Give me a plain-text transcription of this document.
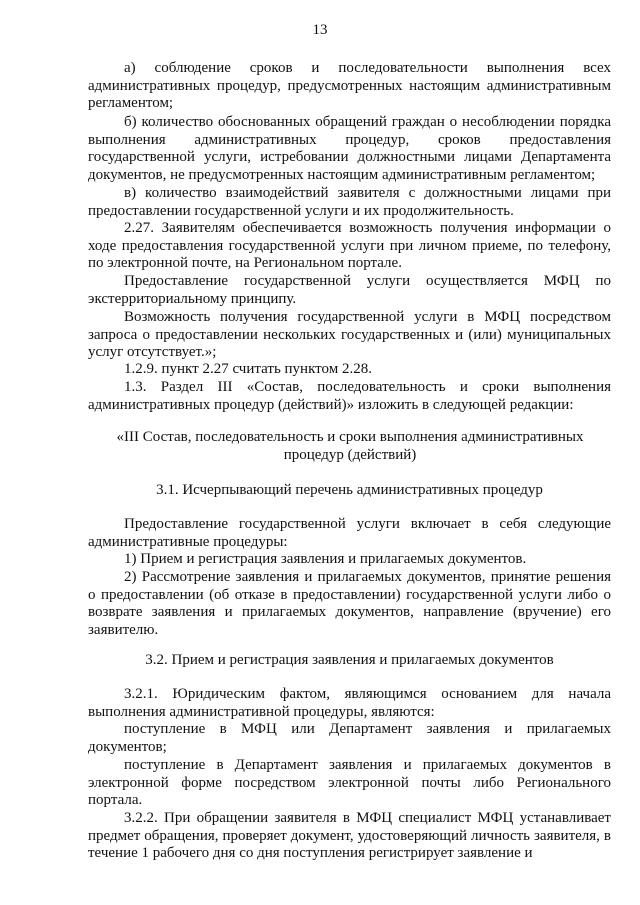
13

а) соблюдение сроков и последовательности выполнения всех административных процедур, предусмотренных настоящим административным регламентом;

б) количество обоснованных обращений граждан о несоблюдении порядка выполнения административных процедур, сроков предоставления государственной услуги, истребовании должностными лицами Департамента документов, не предусмотренных настоящим административным регламентом;

в) количество взаимодействий заявителя с должностными лицами при предоставлении государственной услуги и их продолжительность.

2.27. Заявителям обеспечивается возможность получения информации о ходе предоставления государственной услуги при личном приеме, по телефону, по электронной почте, на Региональном портале.

Предоставление государственной услуги осуществляется МФЦ по экстерриториальному принципу.

Возможность получения государственной услуги в МФЦ посредством запроса о предоставлении нескольких государственных и (или) муниципальных услуг отсутствует.»;

1.2.9. пункт 2.27 считать пунктом 2.28.

1.3. Раздел III «Состав, последовательность и сроки выполнения административных процедур (действий)» изложить в следующей редакции:

«III Состав, последовательность и сроки выполнения административных процедур (действий)

3.1. Исчерпывающий перечень административных процедур

Предоставление государственной услуги включает в себя следующие административные процедуры:

1) Прием и регистрация заявления и прилагаемых документов.

2) Рассмотрение заявления и прилагаемых документов, принятие решения о предоставлении (об отказе в предоставлении) государственной услуги либо о возврате заявления и прилагаемых документов, направление (вручение) его заявителю.

3.2. Прием и регистрация заявления и прилагаемых документов

3.2.1. Юридическим фактом, являющимся основанием для начала выполнения административной процедуры, являются:

поступление в МФЦ или Департамент заявления и прилагаемых документов;

поступление в Департамент заявления и прилагаемых документов в электронной форме посредством электронной почты либо Регионального портала.

3.2.2. При обращении заявителя в МФЦ специалист МФЦ устанавливает предмет обращения, проверяет документ, удостоверяющий личность заявителя, в течение 1 рабочего дня со дня поступления регистрирует заявление и
